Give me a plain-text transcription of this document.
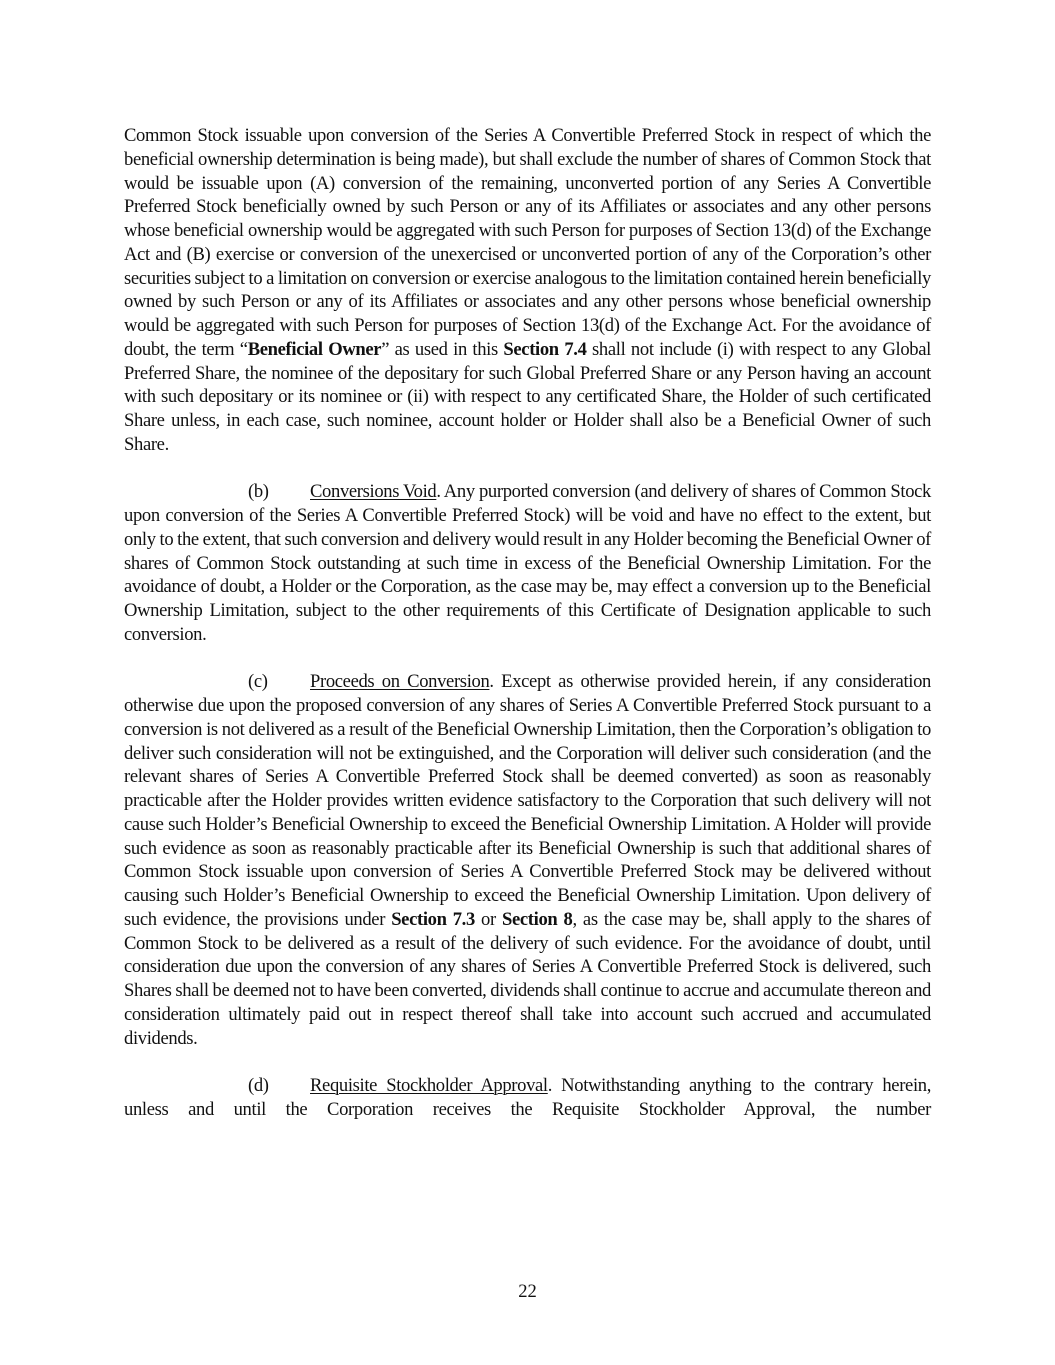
Common Stock issuable upon conversion of the Series A Convertible Preferred Stock in respect of which the beneficial ownership determination is being made), but shall exclude the number of shares of Common Stock that would be issuable upon (A) conversion of the remaining, unconverted portion of any Series A Convertible Preferred Stock beneficially owned by such Person or any of its Affiliates or associates and any other persons whose beneficial ownership would be aggregated with such Person for purposes of Section 13(d) of the Exchange Act and (B) exercise or conversion of the unexercised or unconverted portion of any of the Corporation’s other securities subject to a limitation on conversion or exercise analogous to the limitation contained herein beneficially owned by such Person or any of its Affiliates or associates and any other persons whose beneficial ownership would be aggregated with such Person for purposes of Section 13(d) of the Exchange Act. For the avoidance of doubt, the term “Beneficial Owner” as used in this Section 7.4 shall not include (i) with respect to any Global Preferred Share, the nominee of the depositary for such Global Preferred Share or any Person having an account with such depositary or its nominee or (ii) with respect to any certificated Share, the Holder of such certificated Share unless, in each case, such nominee, account holder or Holder shall also be a Beneficial Owner of such Share.

(b) Conversions Void. Any purported conversion (and delivery of shares of Common Stock upon conversion of the Series A Convertible Preferred Stock) will be void and have no effect to the extent, but only to the extent, that such conversion and delivery would result in any Holder becoming the Beneficial Owner of shares of Common Stock outstanding at such time in excess of the Beneficial Ownership Limitation. For the avoidance of doubt, a Holder or the Corporation, as the case may be, may effect a conversion up to the Beneficial Ownership Limitation, subject to the other requirements of this Certificate of Designation applicable to such conversion.

(c) Proceeds on Conversion. Except as otherwise provided herein, if any consideration otherwise due upon the proposed conversion of any shares of Series A Convertible Preferred Stock pursuant to a conversion is not delivered as a result of the Beneficial Ownership Limitation, then the Corporation’s obligation to deliver such consideration will not be extinguished, and the Corporation will deliver such consideration (and the relevant shares of Series A Convertible Preferred Stock shall be deemed converted) as soon as reasonably practicable after the Holder provides written evidence satisfactory to the Corporation that such delivery will not cause such Holder’s Beneficial Ownership to exceed the Beneficial Ownership Limitation. A Holder will provide such evidence as soon as reasonably practicable after its Beneficial Ownership is such that additional shares of Common Stock issuable upon conversion of Series A Convertible Preferred Stock may be delivered without causing such Holder’s Beneficial Ownership to exceed the Beneficial Ownership Limitation. Upon delivery of such evidence, the provisions under Section 7.3 or Section 8, as the case may be, shall apply to the shares of Common Stock to be delivered as a result of the delivery of such evidence. For the avoidance of doubt, until consideration due upon the conversion of any shares of Series A Convertible Preferred Stock is delivered, such Shares shall be deemed not to have been converted, dividends shall continue to accrue and accumulate thereon and consideration ultimately paid out in respect thereof shall take into account such accrued and accumulated dividends.

(d) Requisite Stockholder Approval. Notwithstanding anything to the contrary herein, unless and until the Corporation receives the Requisite Stockholder Approval, the number

22
